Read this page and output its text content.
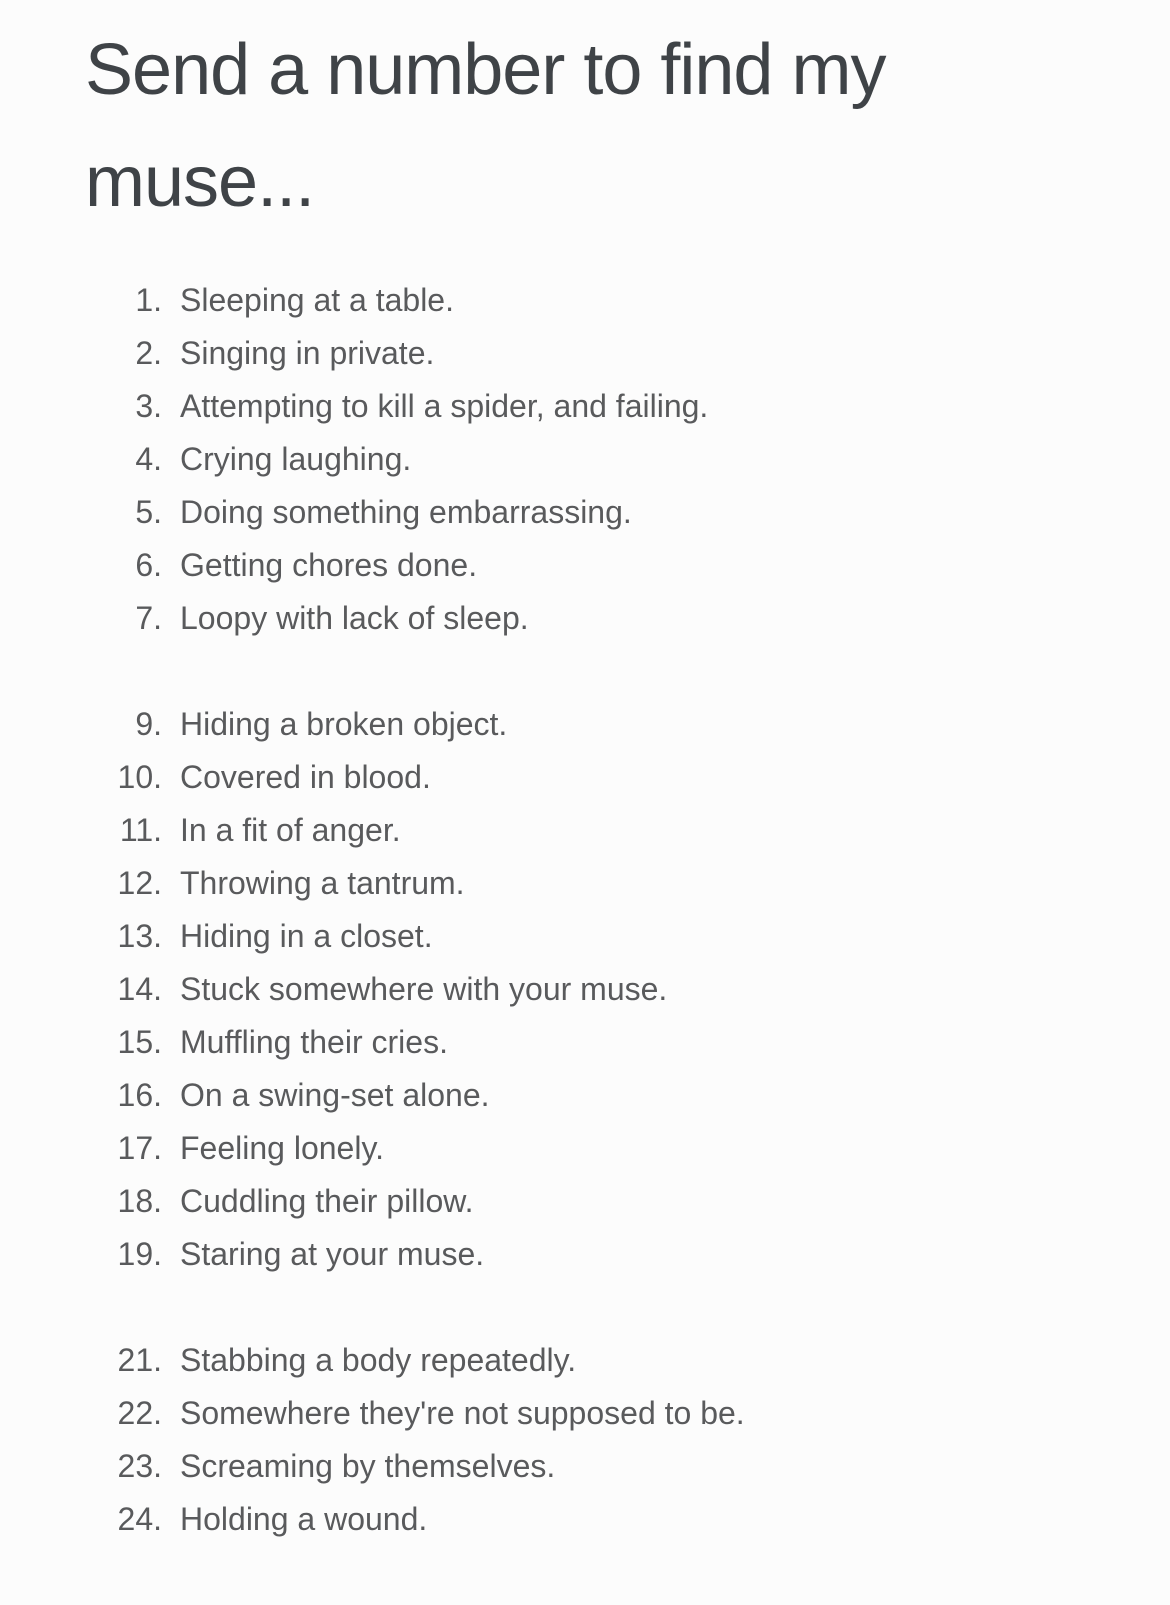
Send a number to find my muse...
1. Sleeping at a table.
2. Singing in private.
3. Attempting to kill a spider, and failing.
4. Crying laughing.
5. Doing something embarrassing.
6. Getting chores done.
7. Loopy with lack of sleep.
9. Hiding a broken object.
10. Covered in blood.
11. In a fit of anger.
12. Throwing a tantrum.
13. Hiding in a closet.
14. Stuck somewhere with your muse.
15. Muffling their cries.
16. On a swing-set alone.
17. Feeling lonely.
18. Cuddling their pillow.
19. Staring at your muse.
21. Stabbing a body repeatedly.
22. Somewhere they're not supposed to be.
23. Screaming by themselves.
24. Holding a wound.
